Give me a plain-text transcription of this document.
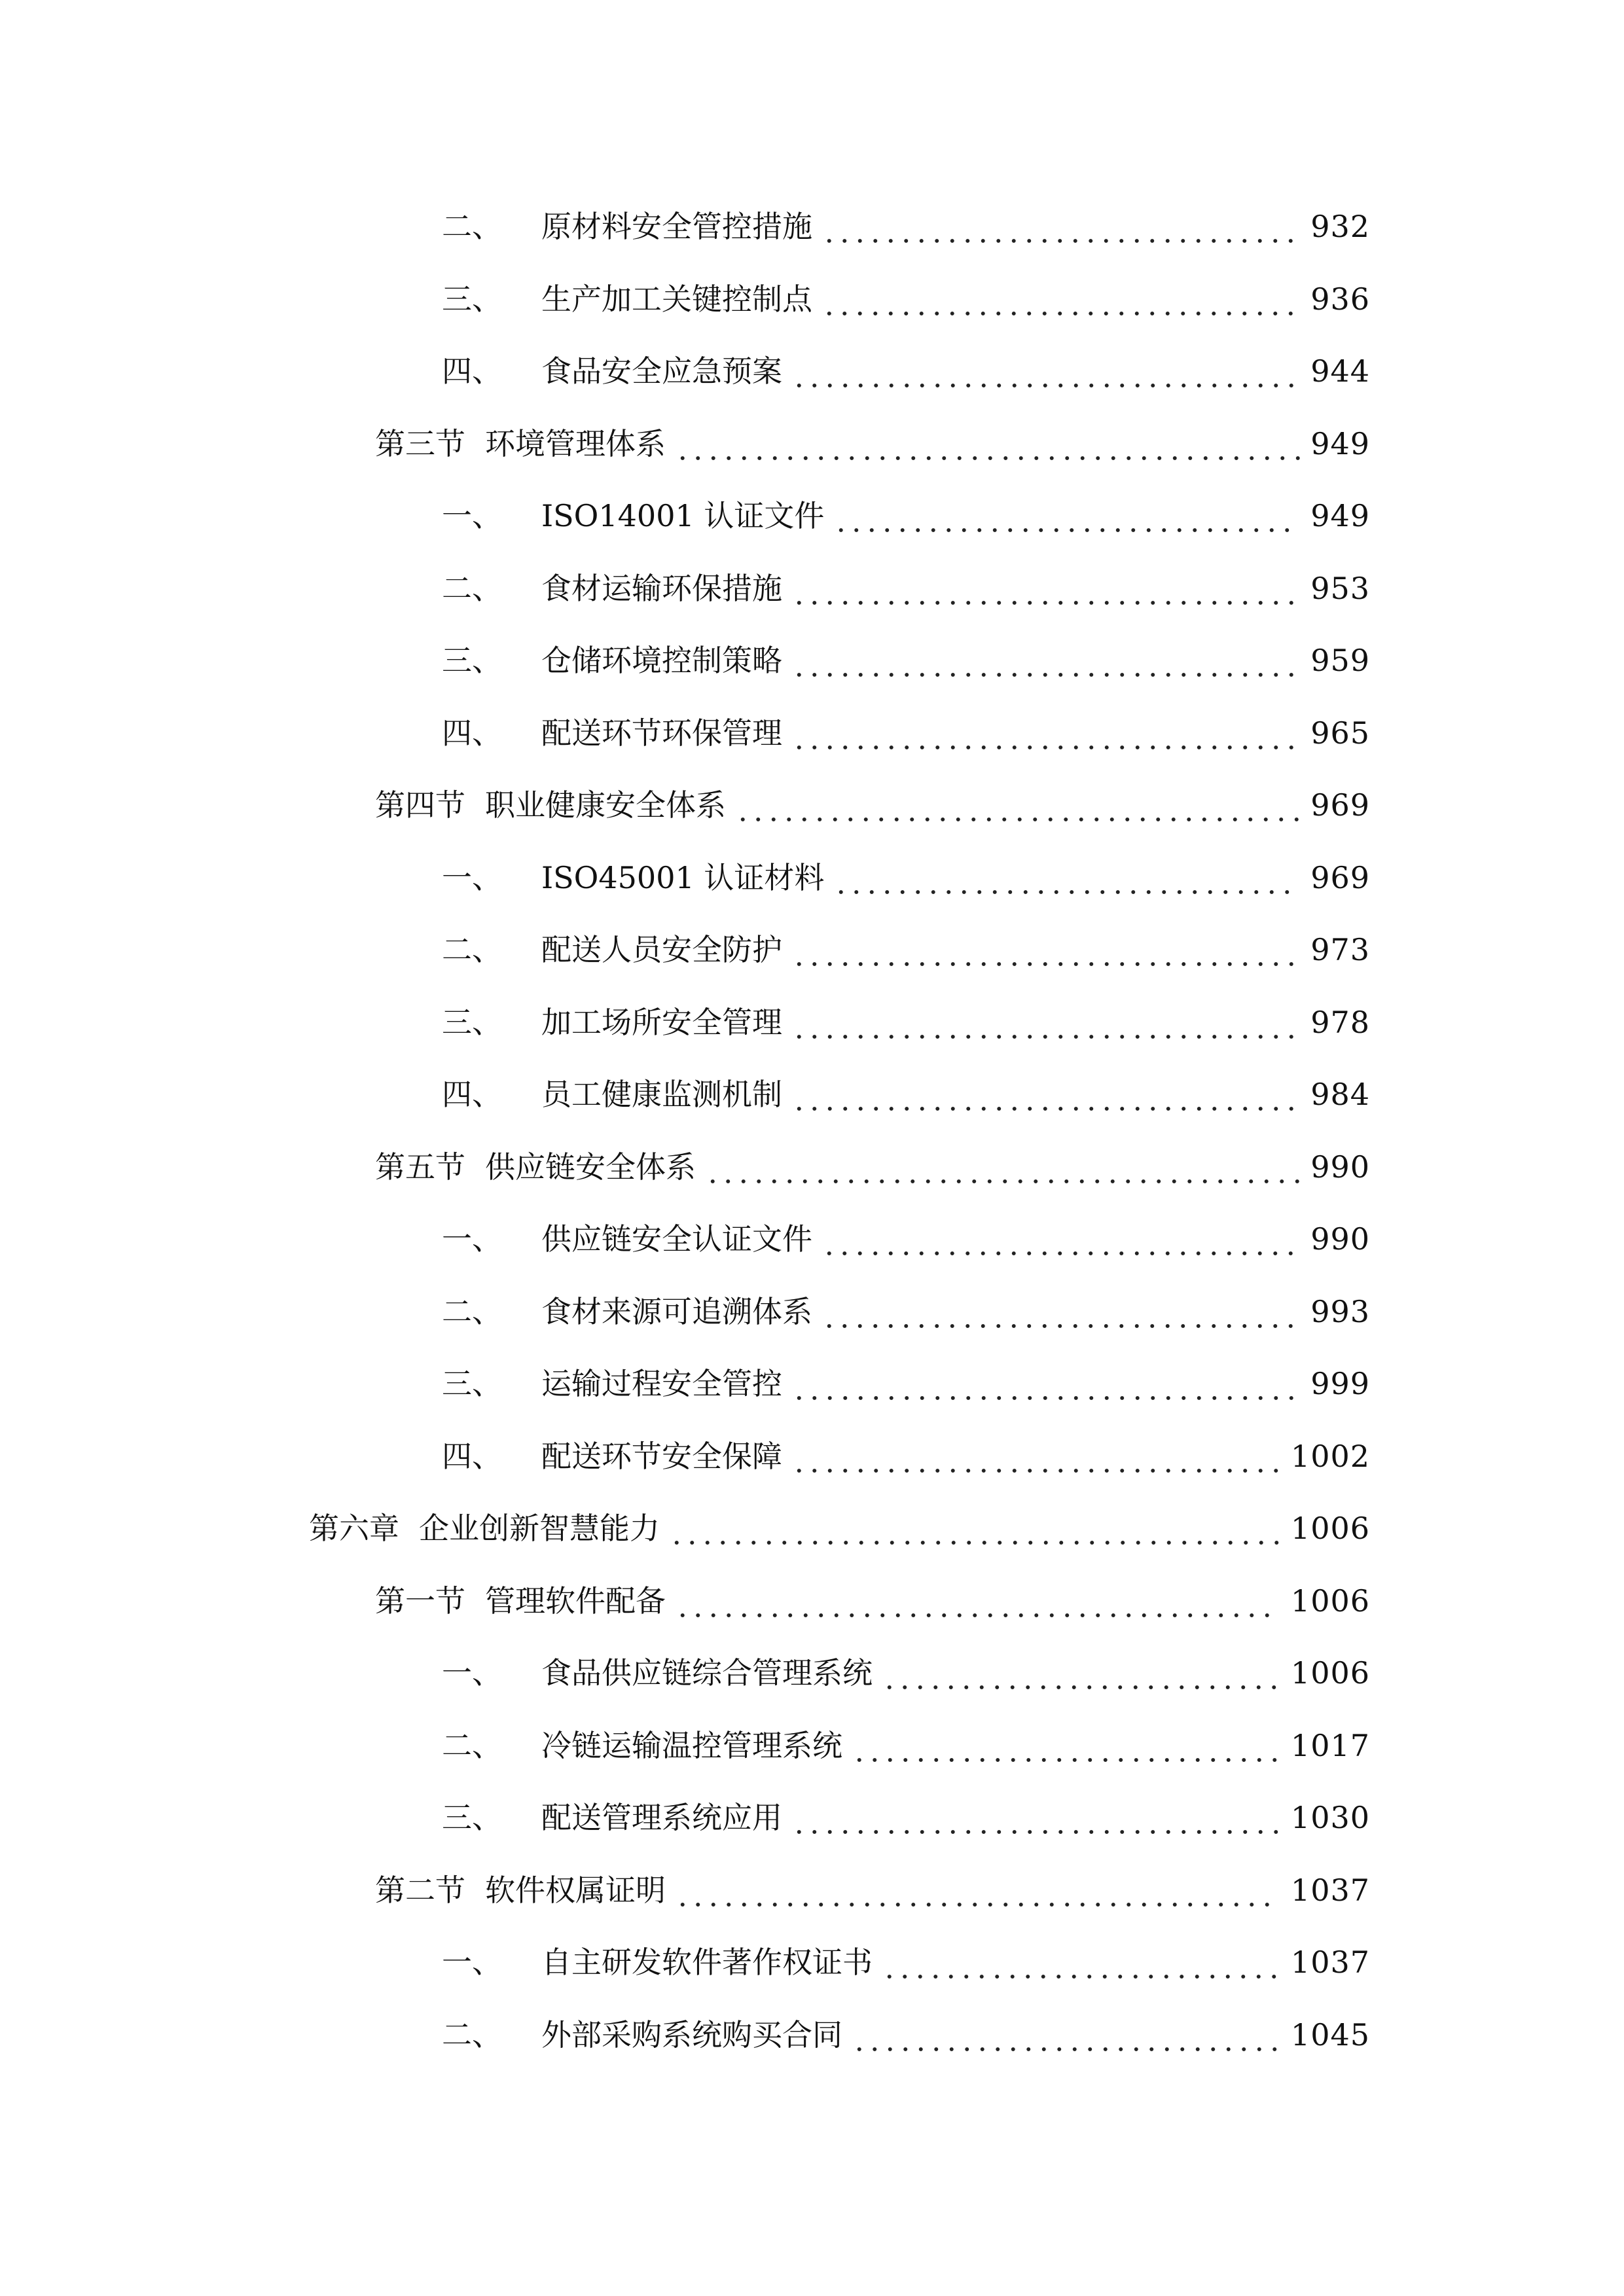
二、 原材料安全管控措施	932
三、 生产加工关键控制点	936
四、 食品安全应急预案	944
第三节 环境管理体系	949
一、 ISO14001 认证文件	949
二、 食材运输环保措施	953
三、 仓储环境控制策略	959
四、 配送环节环保管理	965
第四节 职业健康安全体系	969
一、 ISO45001 认证材料	969
二、 配送人员安全防护	973
三、 加工场所安全管理	978
四、 员工健康监测机制	984
第五节 供应链安全体系	990
一、 供应链安全认证文件	990
二、 食材来源可追溯体系	993
三、 运输过程安全管控	999
四、 配送环节安全保障	1002
第六章 企业创新智慧能力	1006
第一节 管理软件配备	1006
一、 食品供应链综合管理系统	1006
二、 冷链运输温控管理系统	1017
三、 配送管理系统应用	1030
第二节 软件权属证明	1037
一、 自主研发软件著作权证书	1037
二、 外部采购系统购买合同	1045
